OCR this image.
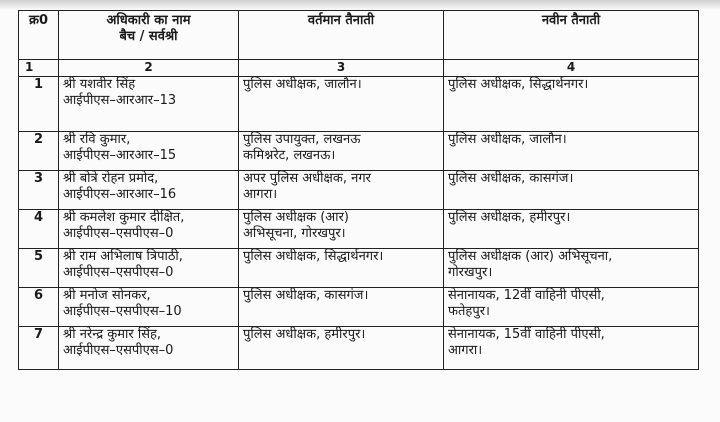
क्र0	अधिकारी का नाम
बैच / सर्वश्री	वर्तमान तैनाती	नवीन तैनाती
1	2	3	4
1	श्री यशवीर सिंह
आईपीएस–आरआर–13	पुलिस अधीक्षक, जालौन।	पुलिस अधीक्षक, सिद्धार्थनगर।

2	श्री रवि कुमार,
आईपीएस–आरआर–15	पुलिस उपायुक्त, लखनऊ
कमिश्नरेट, लखनऊ।	पुलिस अधीक्षक, जालौन।

3	श्री बोत्रे रोहन प्रमोद,
आईपीएस–आरआर–16	अपर पुलिस अधीक्षक, नगर
आगरा।	पुलिस अधीक्षक, कासगंज।

4	श्री कमलेश कुमार दीक्षित,
आईपीएस–एसपीएस–0	पुलिस अधीक्षक (आर)
अभिसूचना, गोरखपुर।	पुलिस अधीक्षक, हमीरपुर।

5	श्री राम अभिलाष त्रिपाठी,
आईपीएस–एसपीएस–0	पुलिस अधीक्षक, सिद्धार्थनगर।	पुलिस अधीक्षक (आर) अभिसूचना,
गोरखपुर।

6	श्री मनोज सोनकर,
आईपीएस–एसपीएस–10	पुलिस अधीक्षक, कासगंज।	सेनानायक, 12वीं वाहिनी पीएसी,
फतेहपुर।

7	श्री नरेन्द्र कुमार सिंह,
आईपीएस–एसपीएस–0	पुलिस अधीक्षक, हमीरपुर।	सेनानायक, 15वीं वाहिनी पीएसी,
आगरा।
